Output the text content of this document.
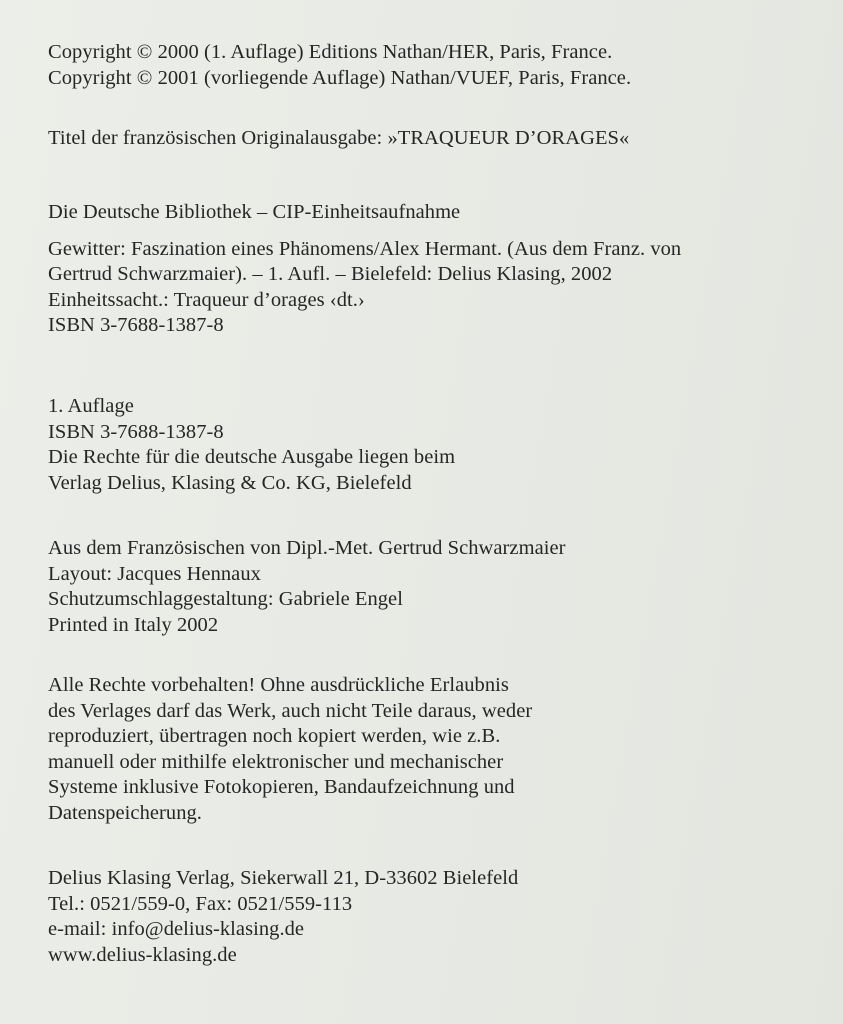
Copyright © 2000 (1. Auflage) Editions Nathan/HER, Paris, France.
Copyright © 2001 (vorliegende Auflage) Nathan/VUEF, Paris, France.
Titel der französischen Originalausgabe: »TRAQUEUR D’ORAGES«
Die Deutsche Bibliothek – CIP-Einheitsaufnahme
Gewitter: Faszination eines Phänomens/Alex Hermant. (Aus dem Franz. von
Gertrud Schwarzmaier). – 1. Aufl. – Bielefeld: Delius Klasing, 2002
Einheitssacht.: Traqueur d’orages ‹dt.›
ISBN 3-7688-1387-8
1. Auflage
ISBN 3-7688-1387-8
Die Rechte für die deutsche Ausgabe liegen beim
Verlag Delius, Klasing & Co. KG, Bielefeld
Aus dem Französischen von Dipl.-Met. Gertrud Schwarzmaier
Layout: Jacques Hennaux
Schutzumschlaggestaltung: Gabriele Engel
Printed in Italy 2002
Alle Rechte vorbehalten! Ohne ausdrückliche Erlaubnis
des Verlages darf das Werk, auch nicht Teile daraus, weder
reproduziert, übertragen noch kopiert werden, wie z.B.
manuell oder mithilfe elektronischer und mechanischer
Systeme inklusive Fotokopieren, Bandaufzeichnung und
Datenspeicherung.
Delius Klasing Verlag, Siekerwall 21, D-33602 Bielefeld
Tel.: 0521/559-0, Fax: 0521/559-113
e-mail: info@delius-klasing.de
www.delius-klasing.de
